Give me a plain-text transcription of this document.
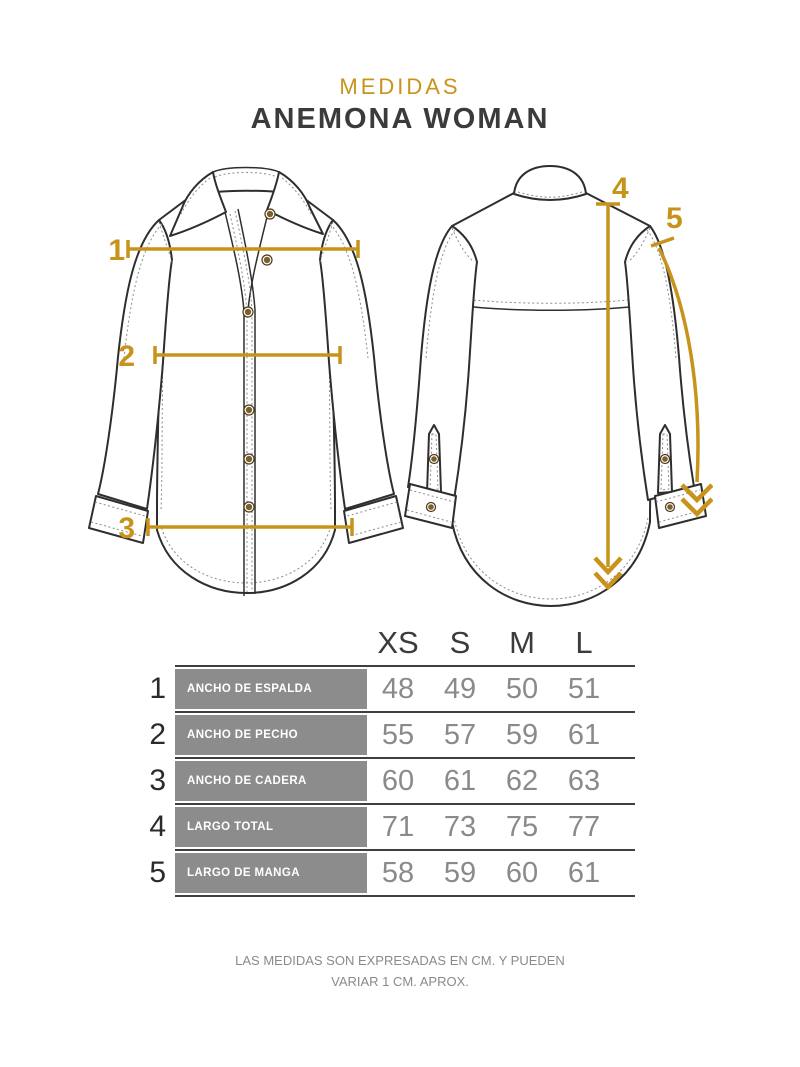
MEDIDAS
ANEMONA WOMAN
1
2
3
4
5
XS S	M	L
1	ANCHO DE ESPALDA	48	49	50	51
2	ANCHO DE PECHO	55	57	59	61
3	ANCHO DE CADERA	60	61	62	63
4	LARGO TOTAL	71	73	75	77
5	LARGO DE MANGA	58	59	60	61
LAS MEDIDAS SON EXPRESADAS EN CM. Y PUEDEN
VARIAR 1 CM. APROX.
